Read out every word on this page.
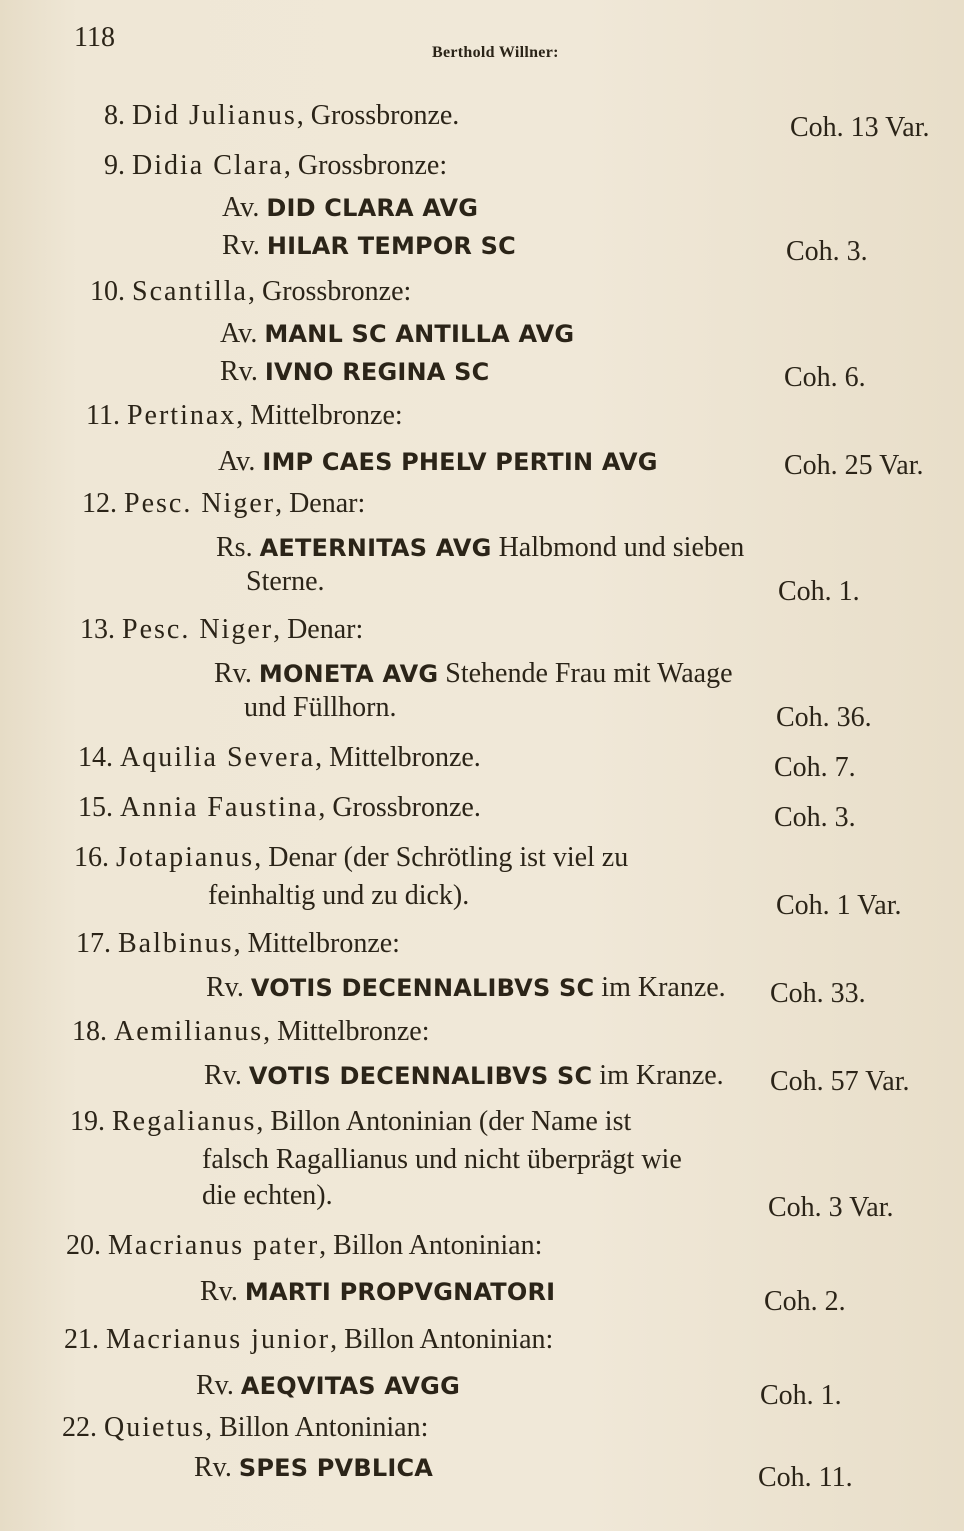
118	Berthold Willner:
8. Did Julianus, Grossbronze.	Coh. 13 Var.
9. Didia Clara, Grossbronze:
Av. DID CLARA AVG
Rv. HILAR TEMPOR SC	Coh. 3.
10. Scantilla, Grossbronze:
Av. MANL SC ANTILLA AVG
Rv. IVNO REGINA SC	Coh. 6.
11. Pertinax, Mittelbronze:
Av. IMP CAES PHELV PERTIN AVG	Coh. 25 Var.
12. Pesc. Niger, Denar:
Rs. AETERNITAS AVG Halbmond und sieben
Sterne.	Coh. 1.
13. Pesc. Niger, Denar:
Rv. MONETA AVG Stehende Frau mit Waage
und Füllhorn.	Coh. 36.
14. Aquilia Severa, Mittelbronze.	Coh. 7.
15. Annia Faustina, Grossbronze.	Coh. 3.
16. Jotapianus, Denar (der Schrötling ist viel zu
feinhaltig und zu dick).	Coh. 1 Var.
17. Balbinus, Mittelbronze:
Rv. VOTIS DECENNALIBVS SC im Kranze. Coh. 33.
18. Aemilianus, Mittelbronze:
Rv. VOTIS DECENNALIBVS SC im Kranze. Coh. 57 Var.
19. Regalianus, Billon Antoninian (der Name ist
falsch Ragallianus und nicht überprägt wie
die echten).	Coh. 3 Var.
20. Macrianus pater, Billon Antoninian:
Rv. MARTI PROPVGNATORI	Coh. 2.
21. Macrianus junior, Billon Antoninian:
Rv. AEQVITAS AVGG	Coh. 1.
22. Quietus, Billon Antoninian:
Rv. SPES PVBLICA	Coh. 11.
